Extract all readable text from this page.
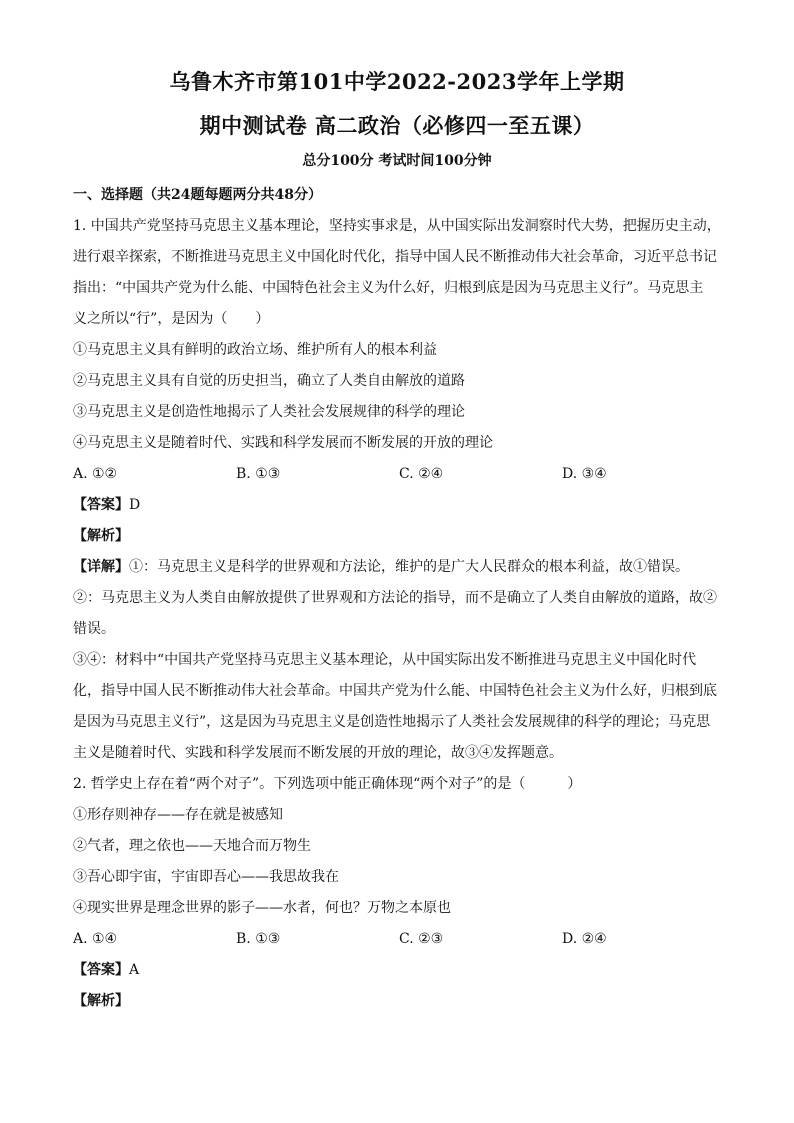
乌鲁木齐市第101中学2022-2023学年上学期
期中测试卷 高二政治（必修四一至五课）
总分100分 考试时间100分钟
一、选择题（共24题每题两分共48分）
1. 中国共产党坚持马克思主义基本理论，坚持实事求是，从中国实际出发洞察时代大势，把握历史主动，
进行艰辛探索，不断推进马克思主义中国化时代化，指导中国人民不断推动伟大社会革命，习近平总书记
指出：“中国共产党为什么能、中国特色社会主义为什么好，归根到底是因为马克思主义行”。马克思主
义之所以“行”，是因为（　　）
①马克思主义具有鲜明的政治立场、维护所有人的根本利益
②马克思主义具有自觉的历史担当，确立了人类自由解放的道路
③马克思主义是创造性地揭示了人类社会发展规律的科学的理论
④马克思主义是随着时代、实践和科学发展而不断发展的开放的理论
A. ①②	B. ①③	C. ②④	D. ③④
【答案】D
【解析】
【详解】①：马克思主义是科学的世界观和方法论，维护的是广大人民群众的根本利益，故①错误。
②：马克思主义为人类自由解放提供了世界观和方法论的指导，而不是确立了人类自由解放的道路，故②
错误。
③④：材料中“中国共产党坚持马克思主义基本理论，从中国实际出发不断推进马克思主义中国化时代
化，指导中国人民不断推动伟大社会革命。中国共产党为什么能、中国特色社会主义为什么好，归根到底
是因为马克思主义行”，这是因为马克思主义是创造性地揭示了人类社会发展规律的科学的理论；马克思
主义是随着时代、实践和科学发展而不断发展的开放的理论，故③④发挥题意。
2. 哲学史上存在着“两个对子”。下列选项中能正确体现“两个对子”的是（　　　）
①形存则神存——存在就是被感知
②气者，理之依也——天地合而万物生
③吾心即宇宙，宇宙即吾心——我思故我在
④现实世界是理念世界的影子——水者，何也？万物之本原也
A. ①④	B. ①③	C. ②③	D. ②④
【答案】A
【解析】
